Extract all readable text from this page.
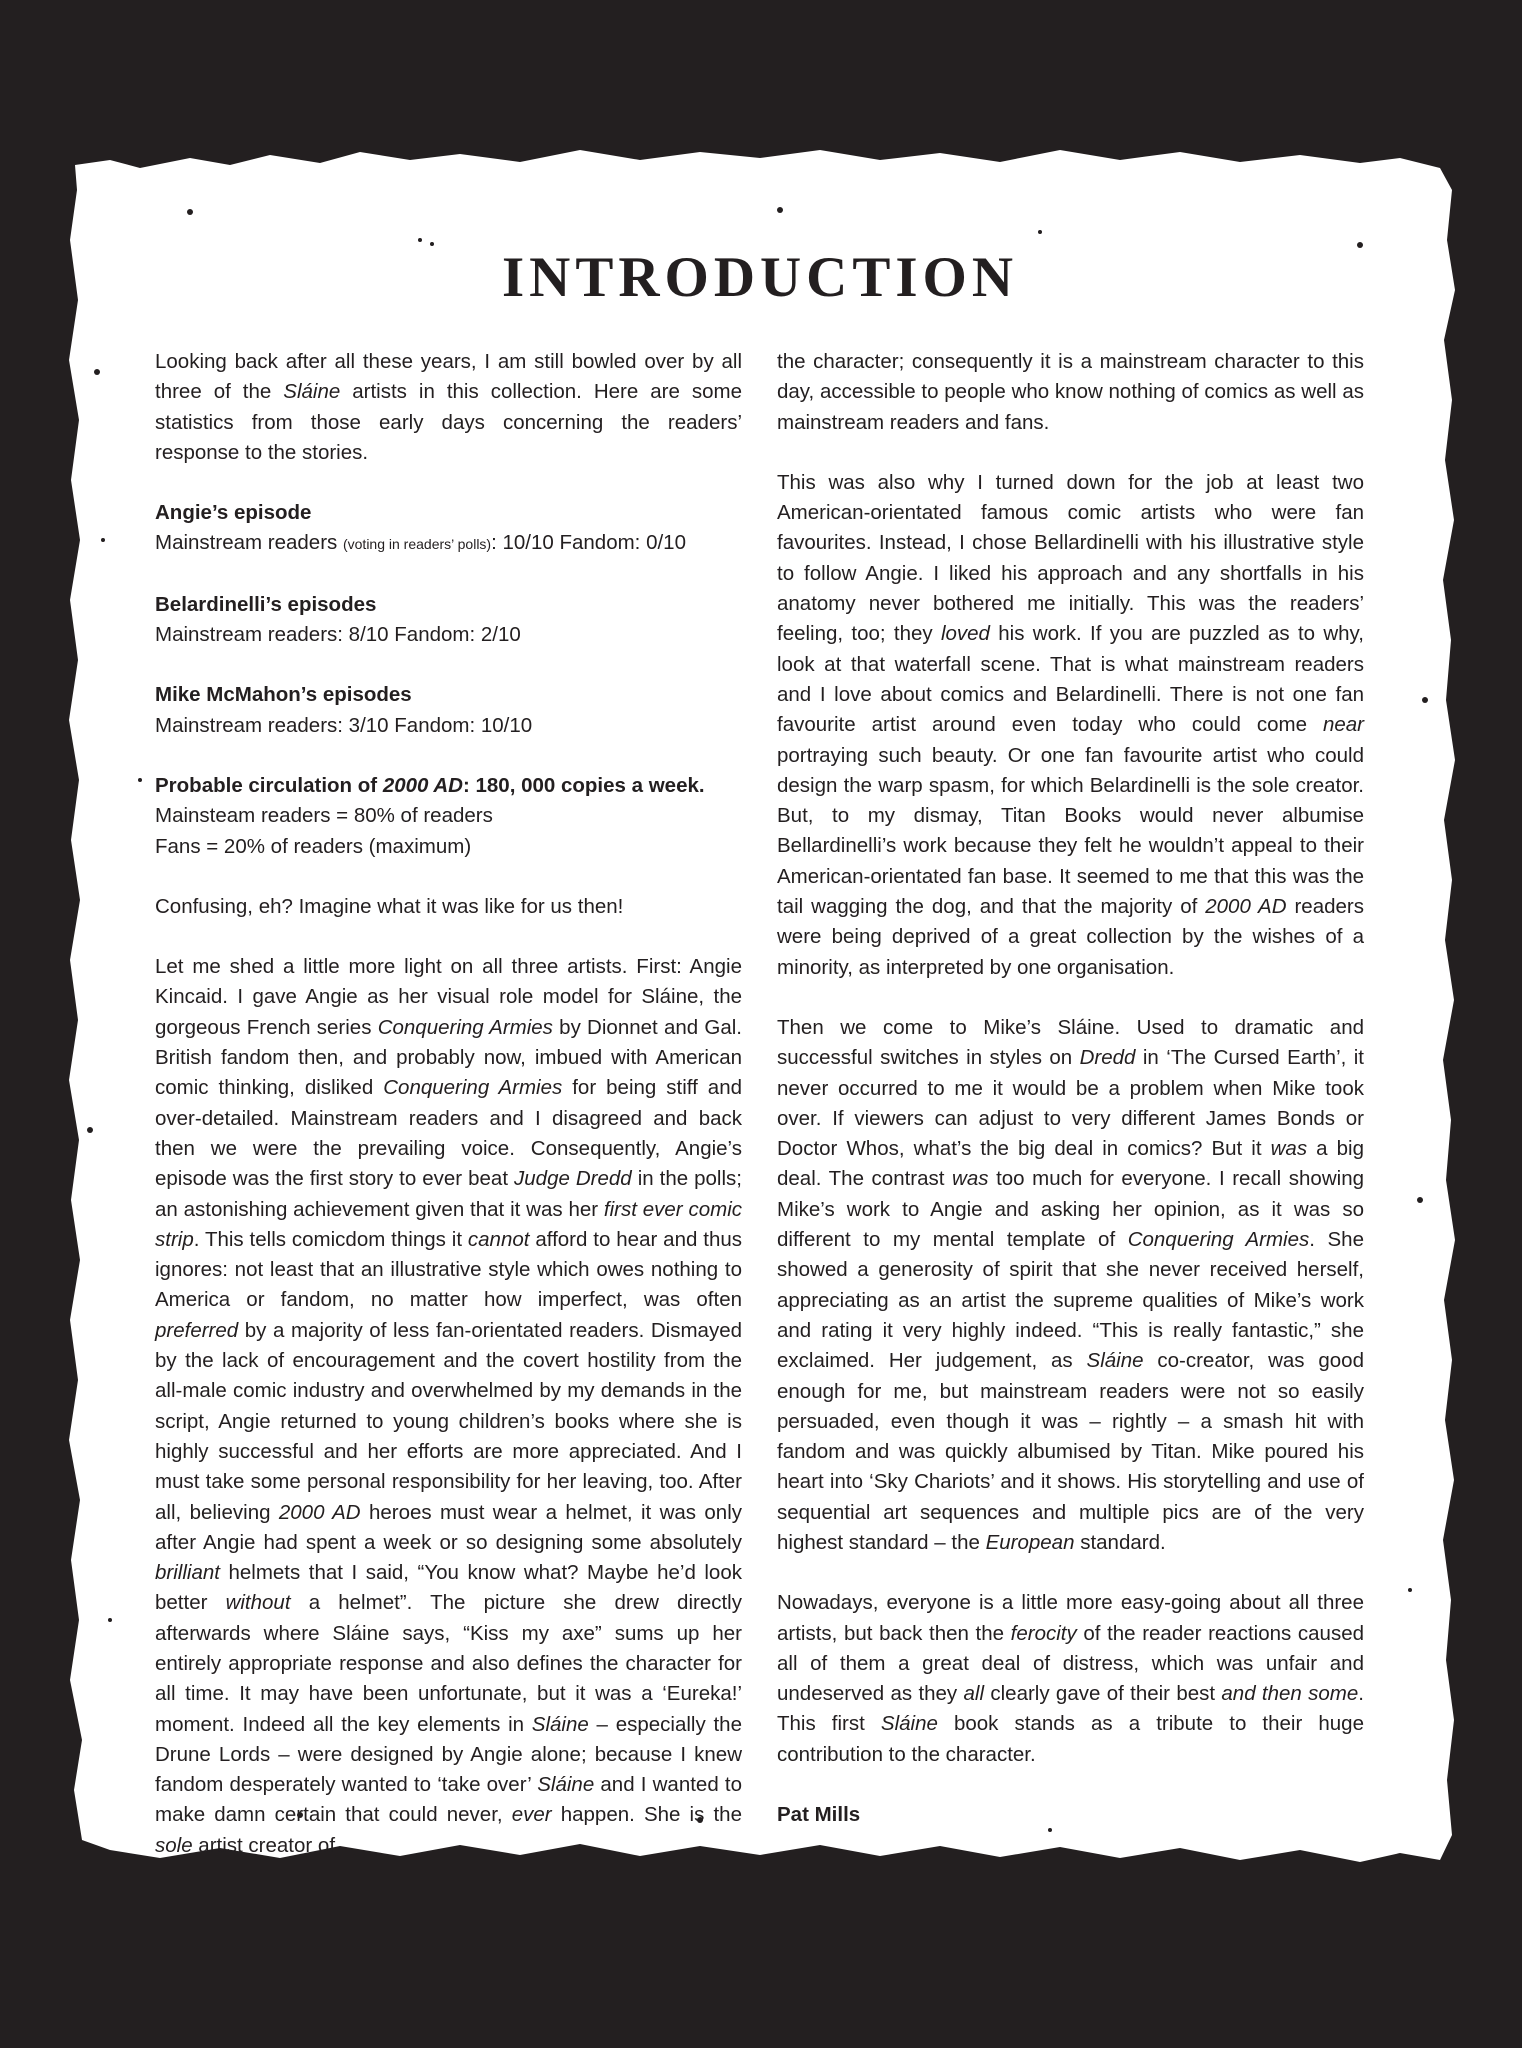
INTRODUCTION

Looking back after all these years, I am still bowled over by all three of the Sláine artists in this collection. Here are some statistics from those early days concerning the readers’ response to the stories.

Angie’s episode
Mainstream readers (voting in readers’ polls): 10/10 Fandom: 0/10

Belardinelli’s episodes
Mainstream readers: 8/10 Fandom: 2/10

Mike McMahon’s episodes
Mainstream readers: 3/10 Fandom: 10/10

Probable circulation of 2000 AD: 180, 000 copies a week.
Mainsteam readers = 80% of readers
Fans = 20% of readers (maximum)

Confusing, eh? Imagine what it was like for us then!

Let me shed a little more light on all three artists. First: Angie Kincaid. I gave Angie as her visual role model for Sláine, the gorgeous French series Conquering Armies by Dionnet and Gal. British fandom then, and probably now, imbued with American comic thinking, disliked Conquering Armies for being stiff and over-detailed. Mainstream readers and I disagreed and back then we were the prevailing voice. Consequently, Angie’s episode was the first story to ever beat Judge Dredd in the polls; an astonishing achievement given that it was her first ever comic strip. This tells comicdom things it cannot afford to hear and thus ignores: not least that an illustrative style which owes nothing to America or fandom, no matter how imperfect, was often preferred by a majority of less fan-orientated readers. Dismayed by the lack of encouragement and the covert hostility from the all-male comic industry and overwhelmed by my demands in the script, Angie returned to young children’s books where she is highly successful and her efforts are more appreciated. And I must take some personal responsibility for her leaving, too. After all, believing 2000 AD heroes must wear a helmet, it was only after Angie had spent a week or so designing some absolutely brilliant helmets that I said, “You know what? Maybe he’d look better without a helmet”. The picture she drew directly afterwards where Sláine says, “Kiss my axe” sums up her entirely appropriate response and also defines the character for all time. It may have been unfortunate, but it was a ‘Eureka!’ moment. Indeed all the key elements in Sláine – especially the Drune Lords – were designed by Angie alone; because I knew fandom desperately wanted to ‘take over’ Sláine and I wanted to make damn certain that could never, ever happen. She is the sole artist creator of

the character; consequently it is a mainstream character to this day, accessible to people who know nothing of comics as well as mainstream readers and fans.

This was also why I turned down for the job at least two American-orientated famous comic artists who were fan favourites. Instead, I chose Bellardinelli with his illustrative style to follow Angie. I liked his approach and any shortfalls in his anatomy never bothered me initially. This was the readers’ feeling, too; they loved his work. If you are puzzled as to why, look at that waterfall scene. That is what mainstream readers and I love about comics and Belardinelli. There is not one fan favourite artist around even today who could come near portraying such beauty. Or one fan favourite artist who could design the warp spasm, for which Belardinelli is the sole creator. But, to my dismay, Titan Books would never albumise Bellardinelli’s work because they felt he wouldn’t appeal to their American-orientated fan base. It seemed to me that this was the tail wagging the dog, and that the majority of 2000 AD readers were being deprived of a great collection by the wishes of a minority, as interpreted by one organisation.

Then we come to Mike’s Sláine. Used to dramatic and successful switches in styles on Dredd in ‘The Cursed Earth’, it never occurred to me it would be a problem when Mike took over. If viewers can adjust to very different James Bonds or Doctor Whos, what’s the big deal in comics? But it was a big deal. The contrast was too much for everyone. I recall showing Mike’s work to Angie and asking her opinion, as it was so different to my mental template of Conquering Armies. She showed a generosity of spirit that she never received herself, appreciating as an artist the supreme qualities of Mike’s work and rating it very highly indeed. “This is really fantastic,” she exclaimed. Her judgement, as Sláine co-creator, was good enough for me, but mainstream readers were not so easily persuaded, even though it was – rightly – a smash hit with fandom and was quickly albumised by Titan. Mike poured his heart into ‘Sky Chariots’ and it shows. His storytelling and use of sequential art sequences and multiple pics are of the very highest standard – the European standard.

Nowadays, everyone is a little more easy-going about all three artists, but back then the ferocity of the reader reactions caused all of them a great deal of distress, which was unfair and undeserved as they all clearly gave of their best and then some. This first Sláine book stands as a tribute to their huge contribution to the character.

Pat Mills
